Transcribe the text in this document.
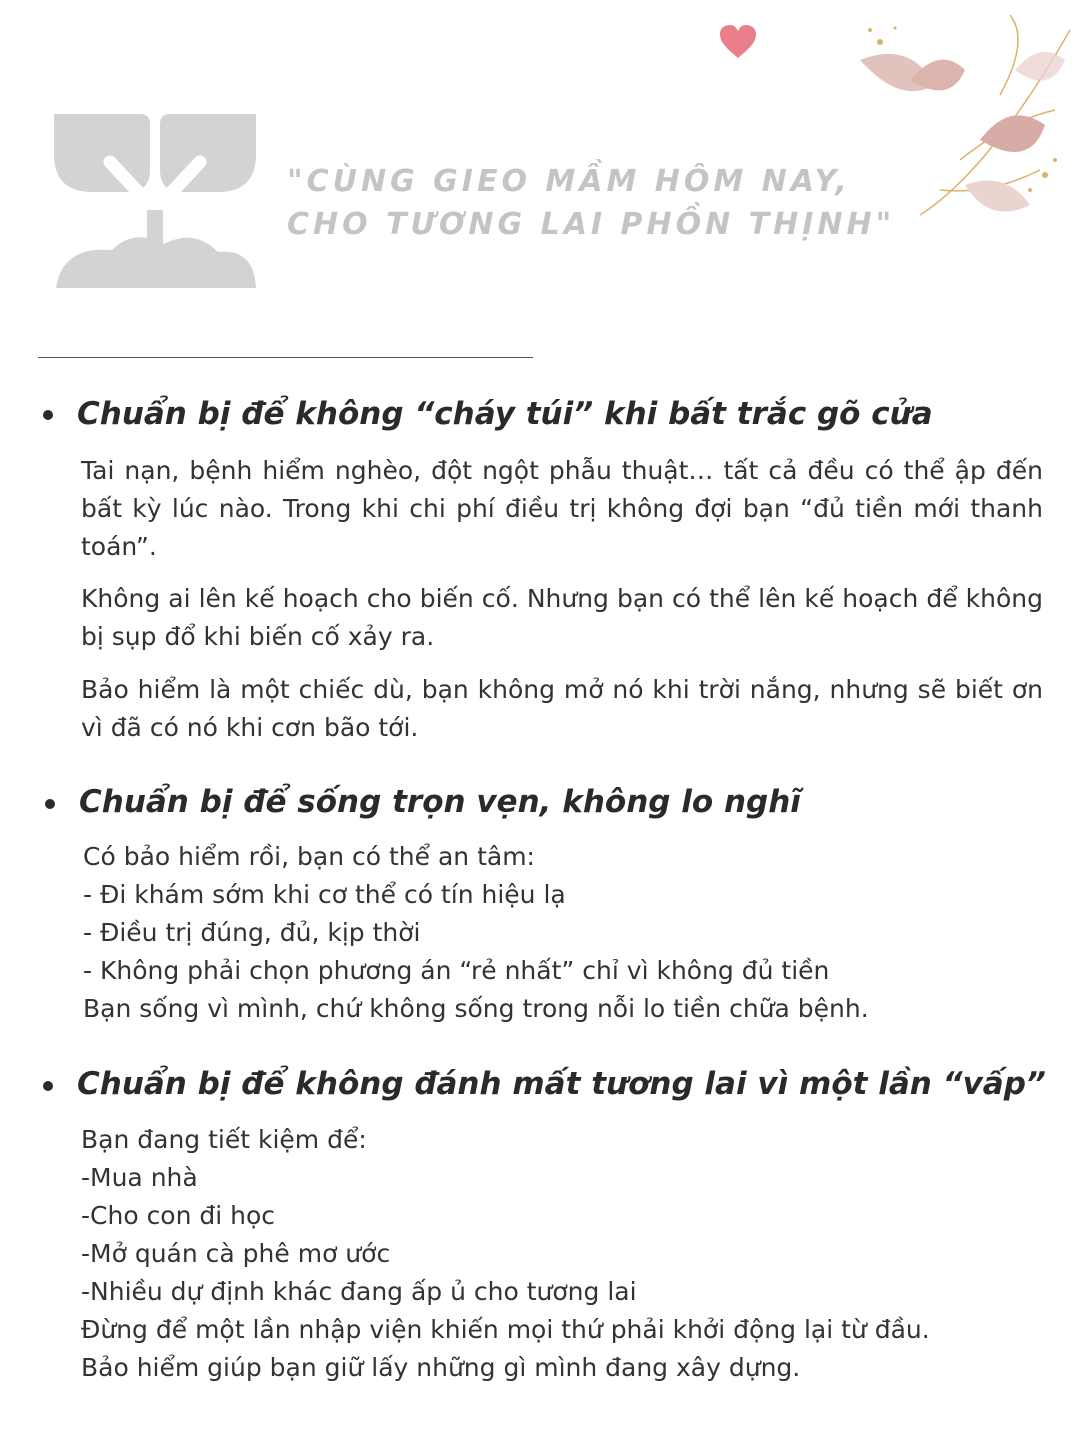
"CÙNG GIEO MẦM HÔM NAY,
CHO TƯƠNG LAI PHỒN THỊNH"
Chuẩn bị để không “cháy túi” khi bất trắc gõ cửa

Tai nạn, bệnh hiểm nghèo, đột ngột phẫu thuật… tất cả đều có thể ập đến bất kỳ lúc nào. Trong khi chi phí điều trị không đợi bạn “đủ tiền mới thanh toán”.

Không ai lên kế hoạch cho biến cố. Nhưng bạn có thể lên kế hoạch để không bị sụp đổ khi biến cố xảy ra.

Bảo hiểm là một chiếc dù, bạn không mở nó khi trời nắng, nhưng sẽ biết ơn vì đã có nó khi cơn bão tới.

Chuẩn bị để sống trọn vẹn, không lo nghĩ
Có bảo hiểm rồi, bạn có thể an tâm:
- Đi khám sớm khi cơ thể có tín hiệu lạ
- Điều trị đúng, đủ, kịp thời
- Không phải chọn phương án “rẻ nhất” chỉ vì không đủ tiền
Bạn sống vì mình, chứ không sống trong nỗi lo tiền chữa bệnh.
Chuẩn bị để không đánh mất tương lai vì một lần “vấp”
Bạn đang tiết kiệm để:
-Mua nhà
-Cho con đi học
-Mở quán cà phê mơ ước
-Nhiều dự định khác đang ấp ủ cho tương lai
Đừng để một lần nhập viện khiến mọi thứ phải khởi động lại từ đầu.
Bảo hiểm giúp bạn giữ lấy những gì mình đang xây dựng.
